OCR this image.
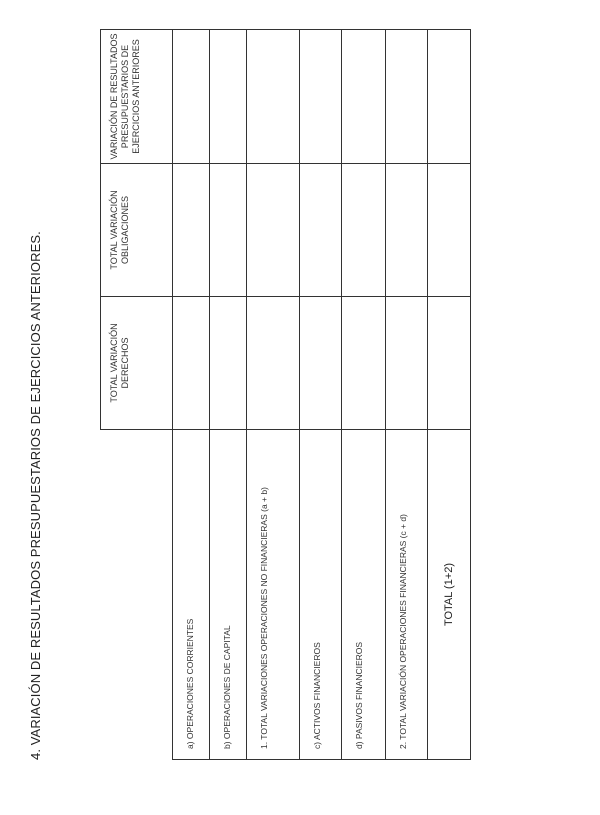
4. VARIACIÓN DE RESULTADOS PRESUPUESTARIOS DE EJERCICIOS ANTERIORES.
		TOTAL VARIACIÓN DERECHOS	TOTAL VARIACIÓN OBLIGACIONES	VARIACIÓN DE RESULTADOS PRESUPUESTARIOS DE EJERCICIOS ANTERIORES
a) OPERACIONES CORRIENTES			
b) OPERACIONES DE CAPITAL			
1. TOTAL VARIACIONES OPERACIONES NO FINANCIERAS (a + b)			
c) ACTIVOS FINANCIEROS			
d) PASIVOS FINANCIEROS			
2. TOTAL VARIACIÓN OPERACIONES FINANCIERAS (c + d)			
TOTAL (1+2)			
